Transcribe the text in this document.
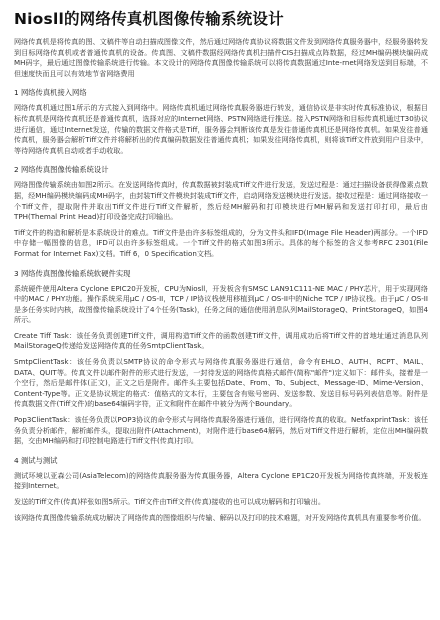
Niosll的网络传真机图像传输系统设计

网络传真机是将传真的图、文稿件等自动扫描成图像文件，然后通过网络传真协议将数据文件发到网络传真服务器中，经服务器转发到目标网络传真机或者普通传真机的设备。传真图、文稿件数据经网络传真机扫描件CIS扫描成点阵数据，经过MH编码模块编码成MH码字，最后通过图像传输系统进行传输。本文设计的网络传真图像传输系统可以将传真数据通过Inte-rnet网络发送到目标端，不但速度快而且可以有效地节省网络费用

1 网络传真机接入网络

网络传真机通过图1所示的方式接入到网络中。网络传真机通过网络传真服务器进行转发，通信协议是非实时传真标准协议，根据目标传真机是网络传真机还是普通传真机，选择对应的Internet网络、PSTN网络进行推送。接入PSTN网络和目标传真机通过T30协议进行通信，通过Internet发送，传输的数据文件格式是Tiff，服务器会判断该传真是发往普通传真机还是网络传真机。如果发往普通传真机，服务器会解析Tiff文件并将解析出的传真编码数据发往普通传真机；如果发往网络传真机，则将该Tiff文件放到用户目录中，等待网络传真机自动或者手动收取。

2 网络传真图像传输系统设计

网络图像传输系统由如图2所示。在发送网络传真时，传真数据被封装成Tiff文件进行发送，发送过程是：通过扫描设备获得像素点数据，经MH编码模块编码成MH码字，由封装Tiff文件模块封装成Tiff文件，启动网络发送模块进行发送。接收过程是：通过网络接收一个Tiff文件，提取附件并取出Tiff文件进行Tiff文件解析，然后经MH解码和打印模块进行MH解码和发送打印打印，最后由TPH(Themal Print Head)打印设备完成打印输出。

Tiff文件的构造和解析是本系统设计的难点。Tiff文件是由许多标签组成的，分为文件头和IFD(Image File Header)两部分。一个IFD中存储一幅图像的信息，IFD可以由许多标签组成。一个Tiff文件的格式如图3所示。具体的每个标签的含义参考RFC 2301(File Format for Internet Fax)文档。Tiff 6，0 Specification文档。

3 网络传真图像传输系统软硬件实现

系统硬件使用Altera Cyclone EPIC20开发板，CPU为Niosll，开发板含有SMSC LAN91C111-NE MAC / PHY芯片，用于实现网络中的MAC / PHY功能。操作系统采用μC / OS-II，TCP / IP协议栈使用移植到μC / OS-II中的Niche TCP / IP协议栈。由于μC / OS-II是多任务实时内核，故图像传输系统设计了4个任务(Task)，任务之间的通信使用消息队列MailStorageQ、PrintStorageQ，如图4所示。

Create Tiff Task：该任务负责创建Tiff文件，调用构造Tiff文件的函数创建Tiff文件，调用成功后将Tiff文件的首地址通过消息队列MailStorageQ传递给发送网络传真的任务SmtpClientTask。

SmtpClientTask：该任务负责以SMTP协议的命令形式与网络传真服务器进行通信，命令有EHLO、AUTH、RCPT、MAIL、DATA、QUIT等。传真文件以邮件附件的形式进行发送，一封待发送的网络传真格式邮件(简称"邮件")定义如下：邮件头，接着是一个空行，然后是邮件体(正文)，正文之后是附件。邮件头主要包括Date、From、To、Subject、Message-ID、Mime-Version、Content-Type等。正文是协议规定的格式：值格式的文本行，主要包含有账号密码、发送参数、发送目标号码列表信息等。附件是传真数据文件(Tiff文件)的base64编码字符，正文和附件在邮件中被分为两个Boundary。

Pop3ClientTask：该任务负责以POP3协议的命令形式与网络传真服务器进行通信，进行网络传真的收取。NetfaxprintTask：该任务负责分析邮件，解析邮件头，提取出附件(Attachment)，对附件进行base64解码，然后对Tiff文件进行解析，定位出MH编码数据，交由MH编码和打印控制电路进行Tiff文件(传真)打印。

4 测试与测试

测试环境以亚森公司(AsiaTelecom)的网络传真服务器为传真服务器，Altera Cyclone EP1C20开发板为网络传真终端，开发板连接到Internet。

发送的Tiff文件(传真)样张如图5所示。Tiff文件由Tiff文件(传真)接收的也可以成功解码和打印输出。

该网络传真图像传输系统成功解决了网络传真的图像组织与传输、解码以及打印的技术难题，对开发网络传真机具有重要参考价值。
